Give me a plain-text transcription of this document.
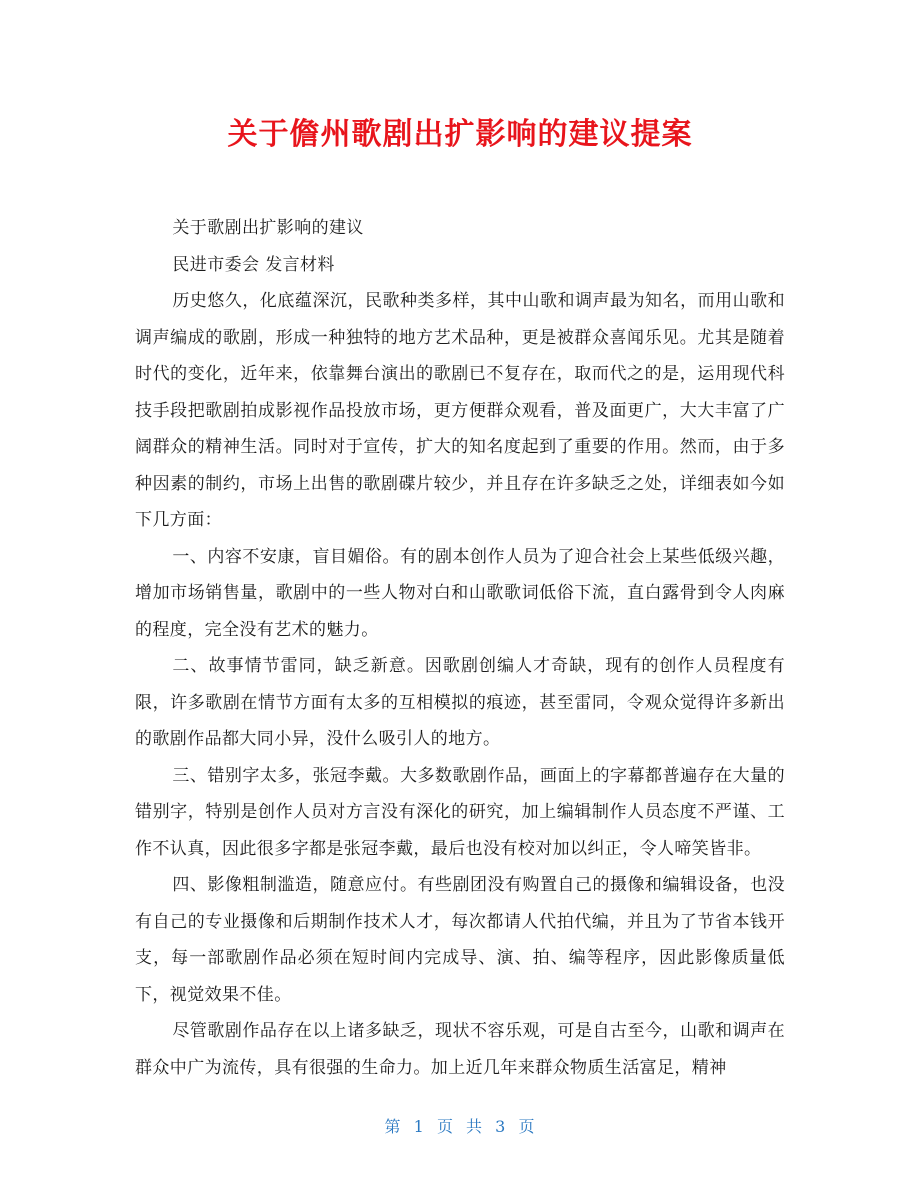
关于儋州歌剧出扩影响的建议提案

关于歌剧出扩影响的建议

民进市委会 发言材料

历史悠久，化底蕴深沉，民歌种类多样，其中山歌和调声最为知名，而用山歌和调声编成的歌剧，形成一种独特的地方艺术品种，更是被群众喜闻乐见。尤其是随着时代的变化，近年来，依靠舞台演出的歌剧已不复存在，取而代之的是，运用现代科技手段把歌剧拍成影视作品投放市场，更方便群众观看，普及面更广，大大丰富了广阔群众的精神生活。同时对于宣传，扩大的知名度起到了重要的作用。然而，由于多种因素的制约，市场上出售的歌剧碟片较少，并且存在许多缺乏之处，详细表如今如下几方面：

一、内容不安康，盲目媚俗。有的剧本创作人员为了迎合社会上某些低级兴趣，增加市场销售量，歌剧中的一些人物对白和山歌歌词低俗下流，直白露骨到令人肉麻的程度，完全没有艺术的魅力。

二、故事情节雷同，缺乏新意。因歌剧创编人才奇缺，现有的创作人员程度有限，许多歌剧在情节方面有太多的互相模拟的痕迹，甚至雷同，令观众觉得许多新出的歌剧作品都大同小异，没什么吸引人的地方。

三、错别字太多，张冠李戴。大多数歌剧作品，画面上的字幕都普遍存在大量的错别字，特别是创作人员对方言没有深化的研究，加上编辑制作人员态度不严谨、工作不认真，因此很多字都是张冠李戴，最后也没有校对加以纠正，令人啼笑皆非。

四、影像粗制滥造，随意应付。有些剧团没有购置自己的摄像和编辑设备，也没有自己的专业摄像和后期制作技术人才，每次都请人代拍代编，并且为了节省本钱开支，每一部歌剧作品必须在短时间内完成导、演、拍、编等程序，因此影像质量低下，视觉效果不佳。

尽管歌剧作品存在以上诸多缺乏，现状不容乐观，可是自古至今，山歌和调声在群众中广为流传，具有很强的生命力。加上近几年来群众物质生活富足，精神

第 1 页 共 3 页
